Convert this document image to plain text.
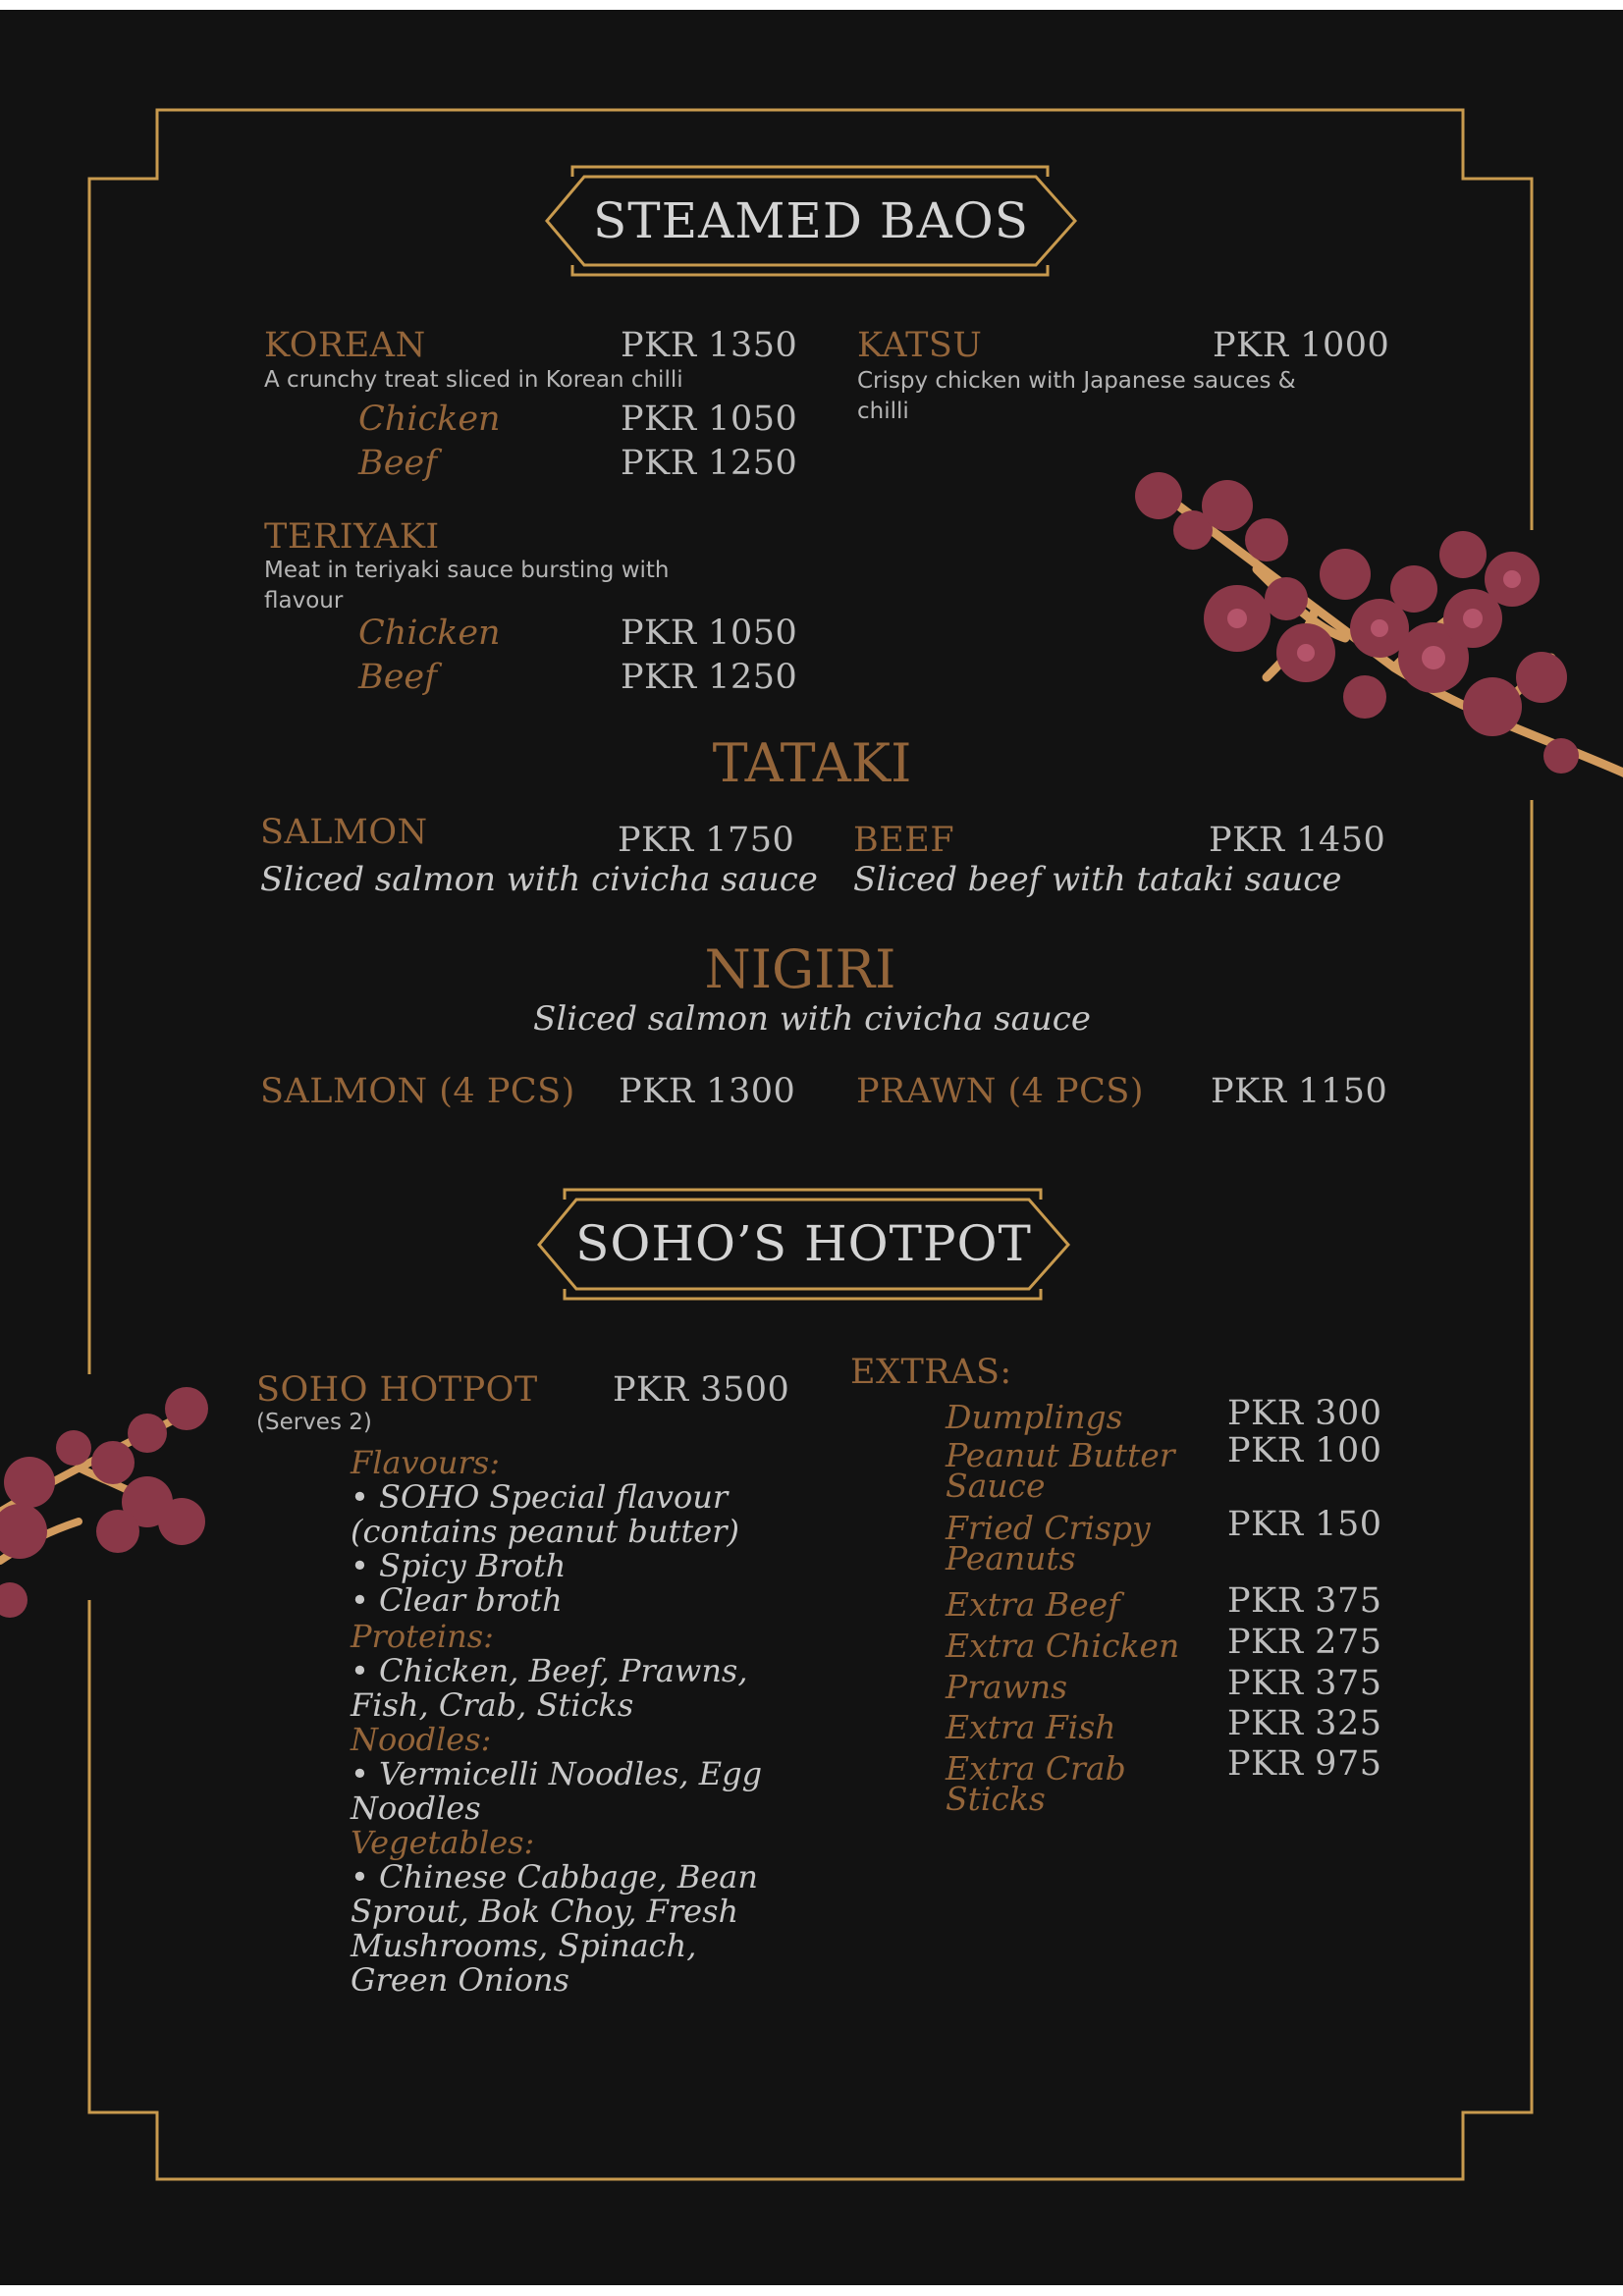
STEAMED BAOS
KOREAN	PKR 1350
A crunchy treat sliced in Korean chilli
Chicken	PKR 1050
Beef	PKR 1250
TERIYAKI
Meat in teriyaki sauce bursting with flavour
Chicken	PKR 1050
Beef	PKR 1250
KATSU	PKR 1000
Crispy chicken with Japanese sauces & chilli
TATAKI
SALMON	PKR 1750
Sliced salmon with civicha sauce
BEEF	PKR 1450
Sliced beef with tataki sauce
NIGIRI
Sliced salmon with civicha sauce
SALMON (4 PCS) PKR 1300 PRAWN (4 PCS) PKR 1150
SOHO’S HOTPOT
SOHO HOTPOT PKR 3500
(Serves 2)
Flavours:
• SOHO Special flavour (contains peanut butter)
• Spicy Broth
• Clear broth
Proteins:
• Chicken, Beef, Prawns, Fish, Crab, Sticks
Noodles:
• Vermicelli Noodles, Egg Noodles
Vegetables:
• Chinese Cabbage, Bean Sprout, Bok Choy, Fresh Mushrooms, Spinach, Green Onions
EXTRAS:
Dumplings	PKR 300
Peanut Butter Sauce
PKR 100
Fried Crispy Peanuts
PKR 150
Extra Beef	PKR 375
Extra Chicken	PKR 275
Prawns	PKR 375
Extra Fish	PKR 325
Extra Crab Sticks
PKR 975
